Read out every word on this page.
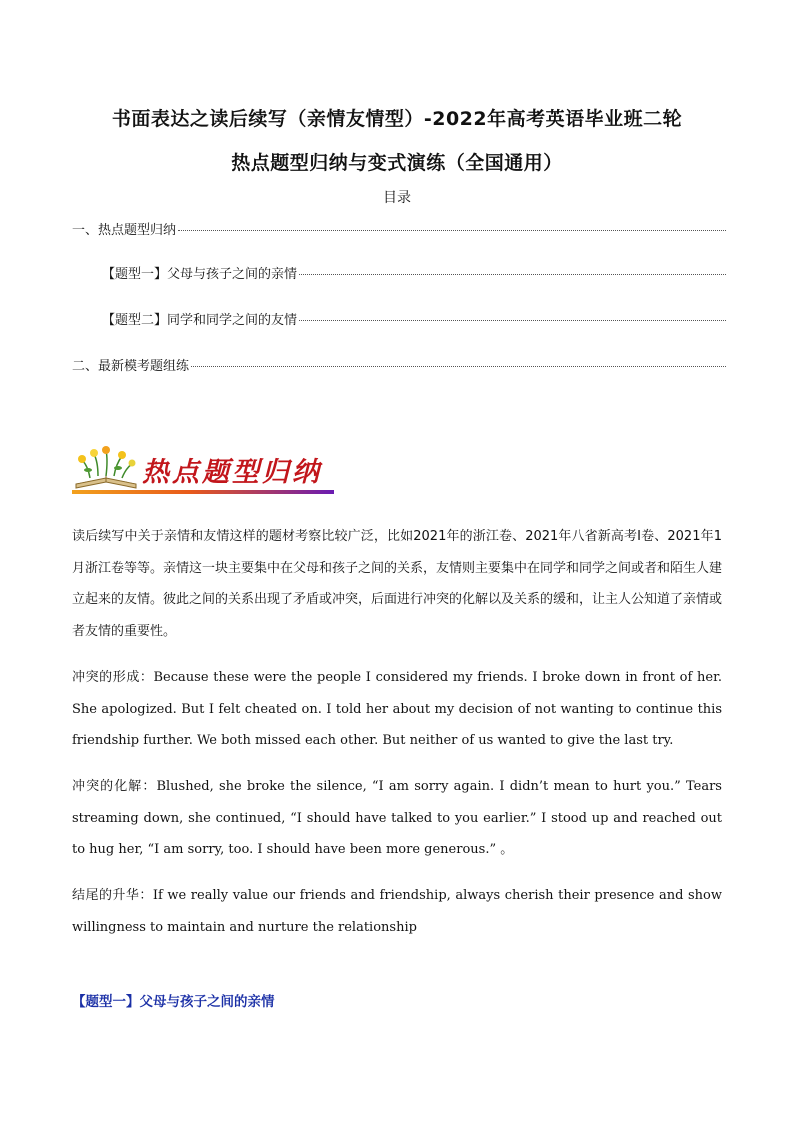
书面表达之读后续写（亲情友情型）-2022年高考英语毕业班二轮
热点题型归纳与变式演练（全国通用）
目录
一、热点题型归纳
【题型一】父母与孩子之间的亲情
【题型二】同学和同学之间的友情
二、最新模考题组练
热点题型归纳
读后续写中关于亲情和友情这样的题材考察比较广泛，比如2021年的浙江卷、2021年八省新高考Ⅰ卷、2021年1月浙江卷等等。亲情这一块主要集中在父母和孩子之间的关系，友情则主要集中在同学和同学之间或者和陌生人建立起来的友情。彼此之间的关系出现了矛盾或冲突，后面进行冲突的化解以及关系的缓和，让主人公知道了亲情或者友情的重要性。
冲突的形成：Because these were the people I considered my friends. I broke down in front of her. She apologized. But I felt cheated on. I told her about my decision of not wanting to continue this friendship further. We both missed each other. But neither of us wanted to give the last try.
冲突的化解：Blushed, she broke the silence, “I am sorry again. I didn’t mean to hurt you.” Tears streaming down, she continued, “I should have talked to you earlier.” I stood up and reached out to hug her, “I am sorry, too. I should have been more generous.” 。
结尾的升华：If we really value our friends and friendship, always cherish their presence and show willingness to maintain and nurture the relationship
【题型一】父母与孩子之间的亲情
